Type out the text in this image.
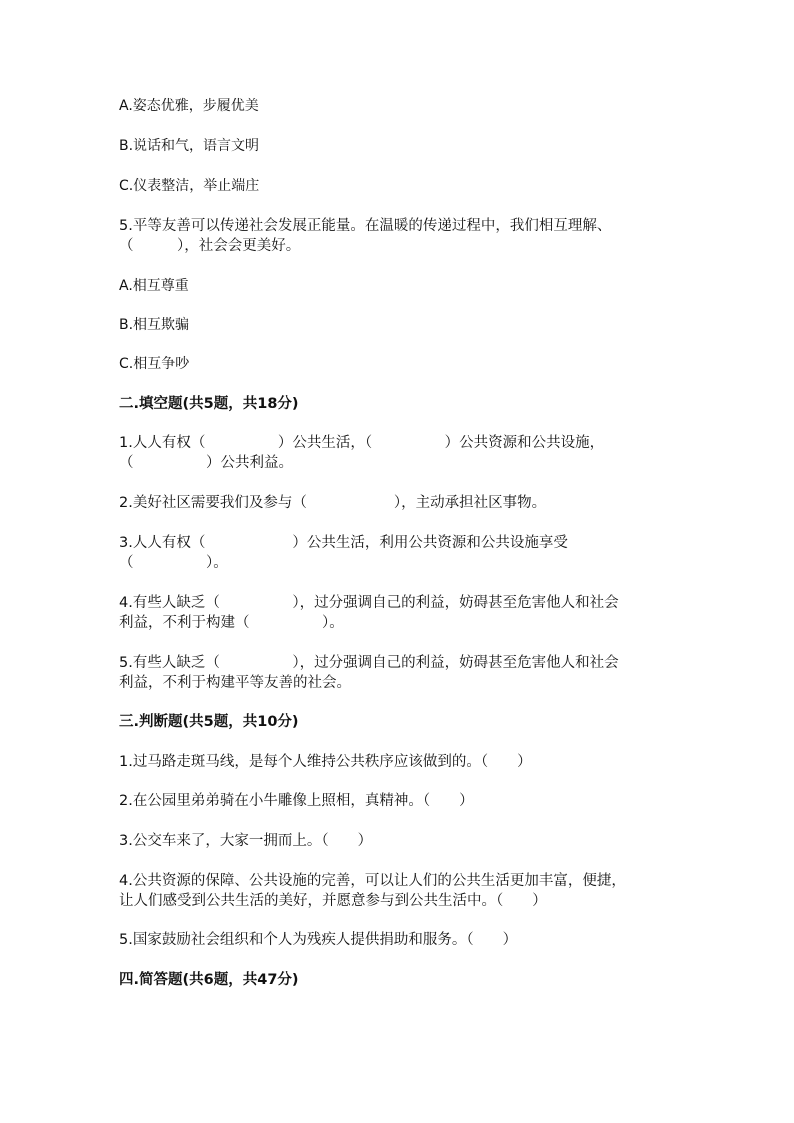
A.姿态优雅，步履优美
B.说话和气，语言文明
C.仪表整洁，举止端庄
5.平等友善可以传递社会发展正能量。在温暖的传递过程中，我们相互理解、
（　　　），社会会更美好。
A.相互尊重
B.相互欺骗
C.相互争吵
二.填空题(共5题，共18分)
1.人人有权（　　　　　）公共生活，（　　　　　）公共资源和公共设施，
（　　　　　）公共利益。
2.美好社区需要我们及参与（　　　　　　），主动承担社区事物。
3.人人有权（　　　　　　）公共生活，利用公共资源和公共设施享受
（　　　　　）。
4.有些人缺乏（　　　　　），过分强调自己的利益，妨碍甚至危害他人和社会
利益，不利于构建（　　　　　）。
5.有些人缺乏（　　　　　），过分强调自己的利益，妨碍甚至危害他人和社会
利益，不利于构建平等友善的社会。
三.判断题(共5题，共10分)
1.过马路走斑马线，是每个人维持公共秩序应该做到的。（　　）
2.在公园里弟弟骑在小牛雕像上照相，真精神。（　　）
3.公交车来了，大家一拥而上。（　　）
4.公共资源的保障、公共设施的完善，可以让人们的公共生活更加丰富，便捷，
让人们感受到公共生活的美好，并愿意参与到公共生活中。（　　）
5.国家鼓励社会组织和个人为残疾人提供捐助和服务。（　　）
四.简答题(共6题，共47分)
